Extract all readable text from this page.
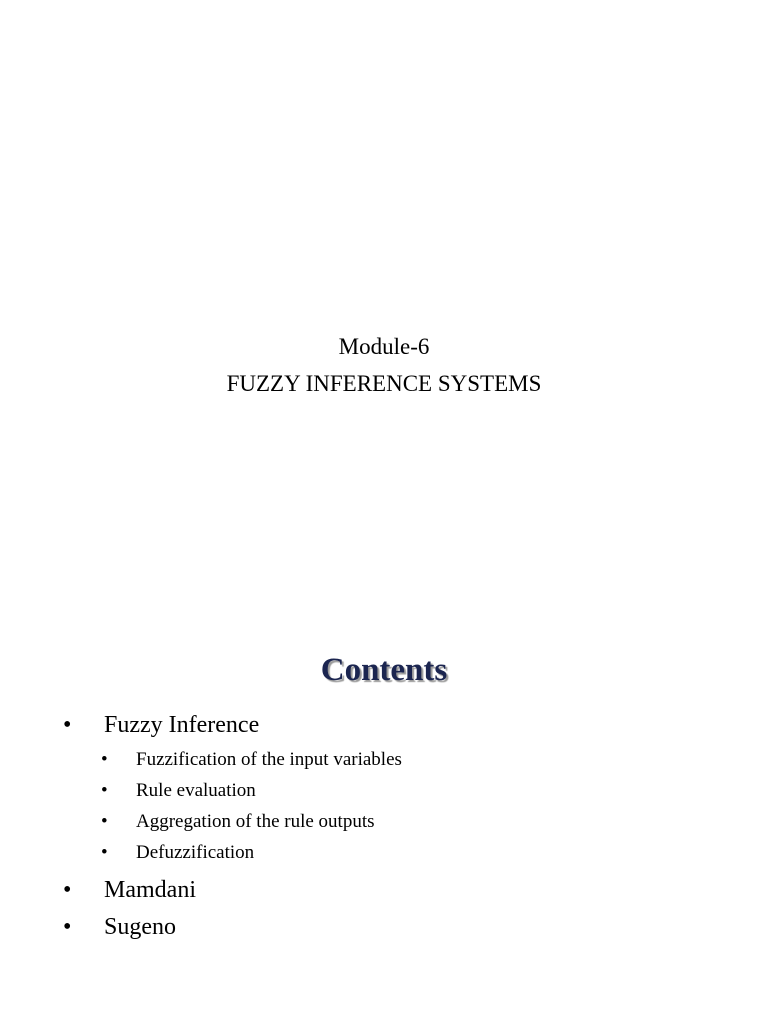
Module-6
FUZZY INFERENCE SYSTEMS
Contents
• Fuzzy Inference
• Fuzzification of the input variables
• Rule evaluation
• Aggregation of the rule outputs
• Defuzzification
• Mamdani
• Sugeno
